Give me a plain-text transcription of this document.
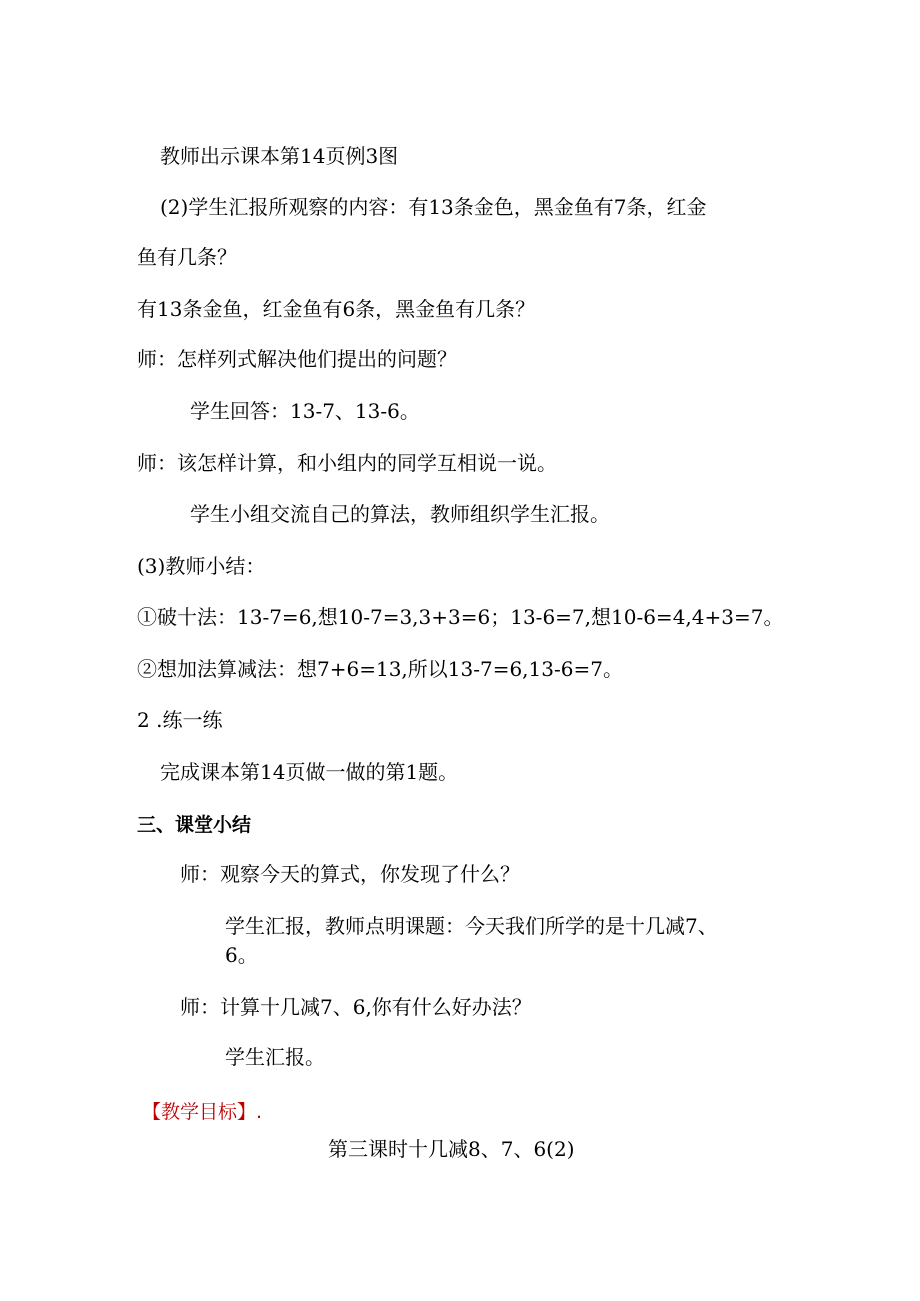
教师出示课本第14页例3图
(2)学生汇报所观察的内容：有13条金色，黑金鱼有7条，红金
鱼有几条？
有13条金鱼，红金鱼有6条，黑金鱼有几条？
师：怎样列式解决他们提出的问题？
学生回答：13-7、13-6。
师：该怎样计算，和小组内的同学互相说一说。
学生小组交流自己的算法，教师组织学生汇报。
(3)教师小结：
①破十法：13-7=6,想10-7=3,3+3=6；13-6=7,想10-6=4,4+3=7。
②想加法算减法：想7+6=13,所以13-7=6,13-6=7。
2 .练一练
完成课本第14页做一做的第1题。
三、课堂小结
师：观察今天的算式，你发现了什么？
学生汇报，教师点明课题：今天我们所学的是十几减7、
6。
师：计算十几减7、6,你有什么好办法？
学生汇报。
【教学目标】.
第三课时十几减8、7、6(2)
